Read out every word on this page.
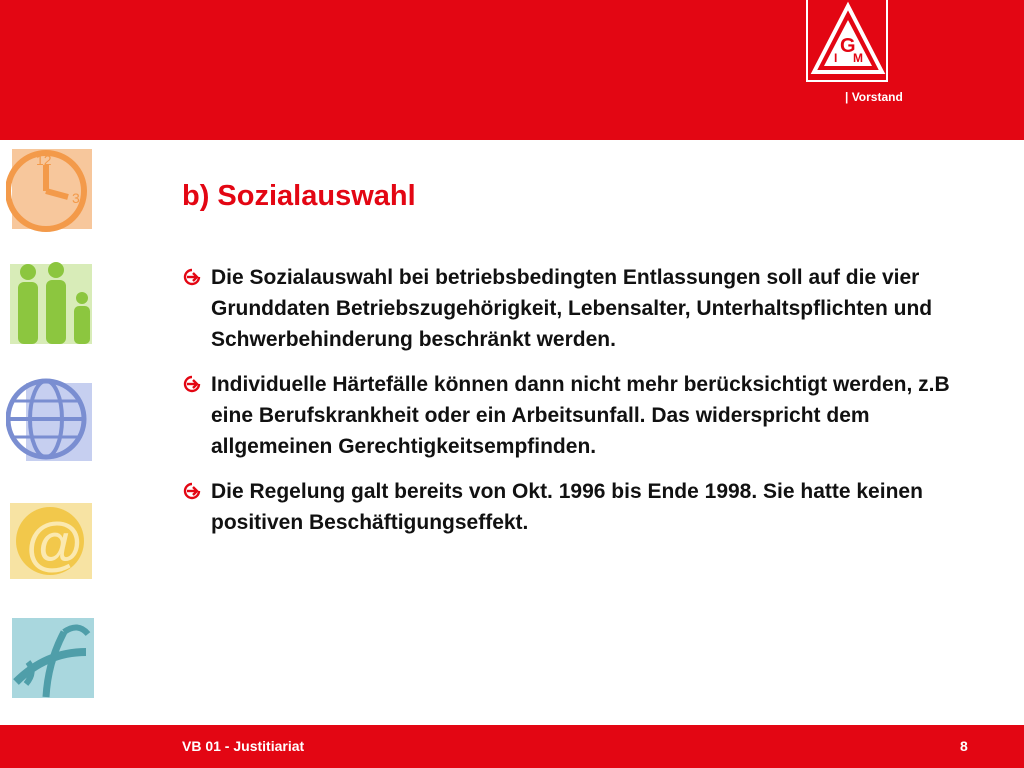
G
I M
| Vorstand
12
3
@
b) Sozialauswahl
Die Sozialauswahl bei betriebsbedingten Entlassungen soll auf die vier Grunddaten Betriebszugehörigkeit, Lebensalter, Unterhaltspflichten und Schwerbehinderung beschränkt werden.
Individuelle Härtefälle können dann nicht mehr berücksichtigt werden, z.B eine Berufskrankheit oder ein Arbeitsunfall. Das widerspricht dem allgemeinen Gerechtigkeitsempfinden.
Die Regelung galt bereits von Okt. 1996 bis Ende 1998. Sie hatte keinen positiven Beschäftigungseffekt.
VB 01 - Justitiariat	8
